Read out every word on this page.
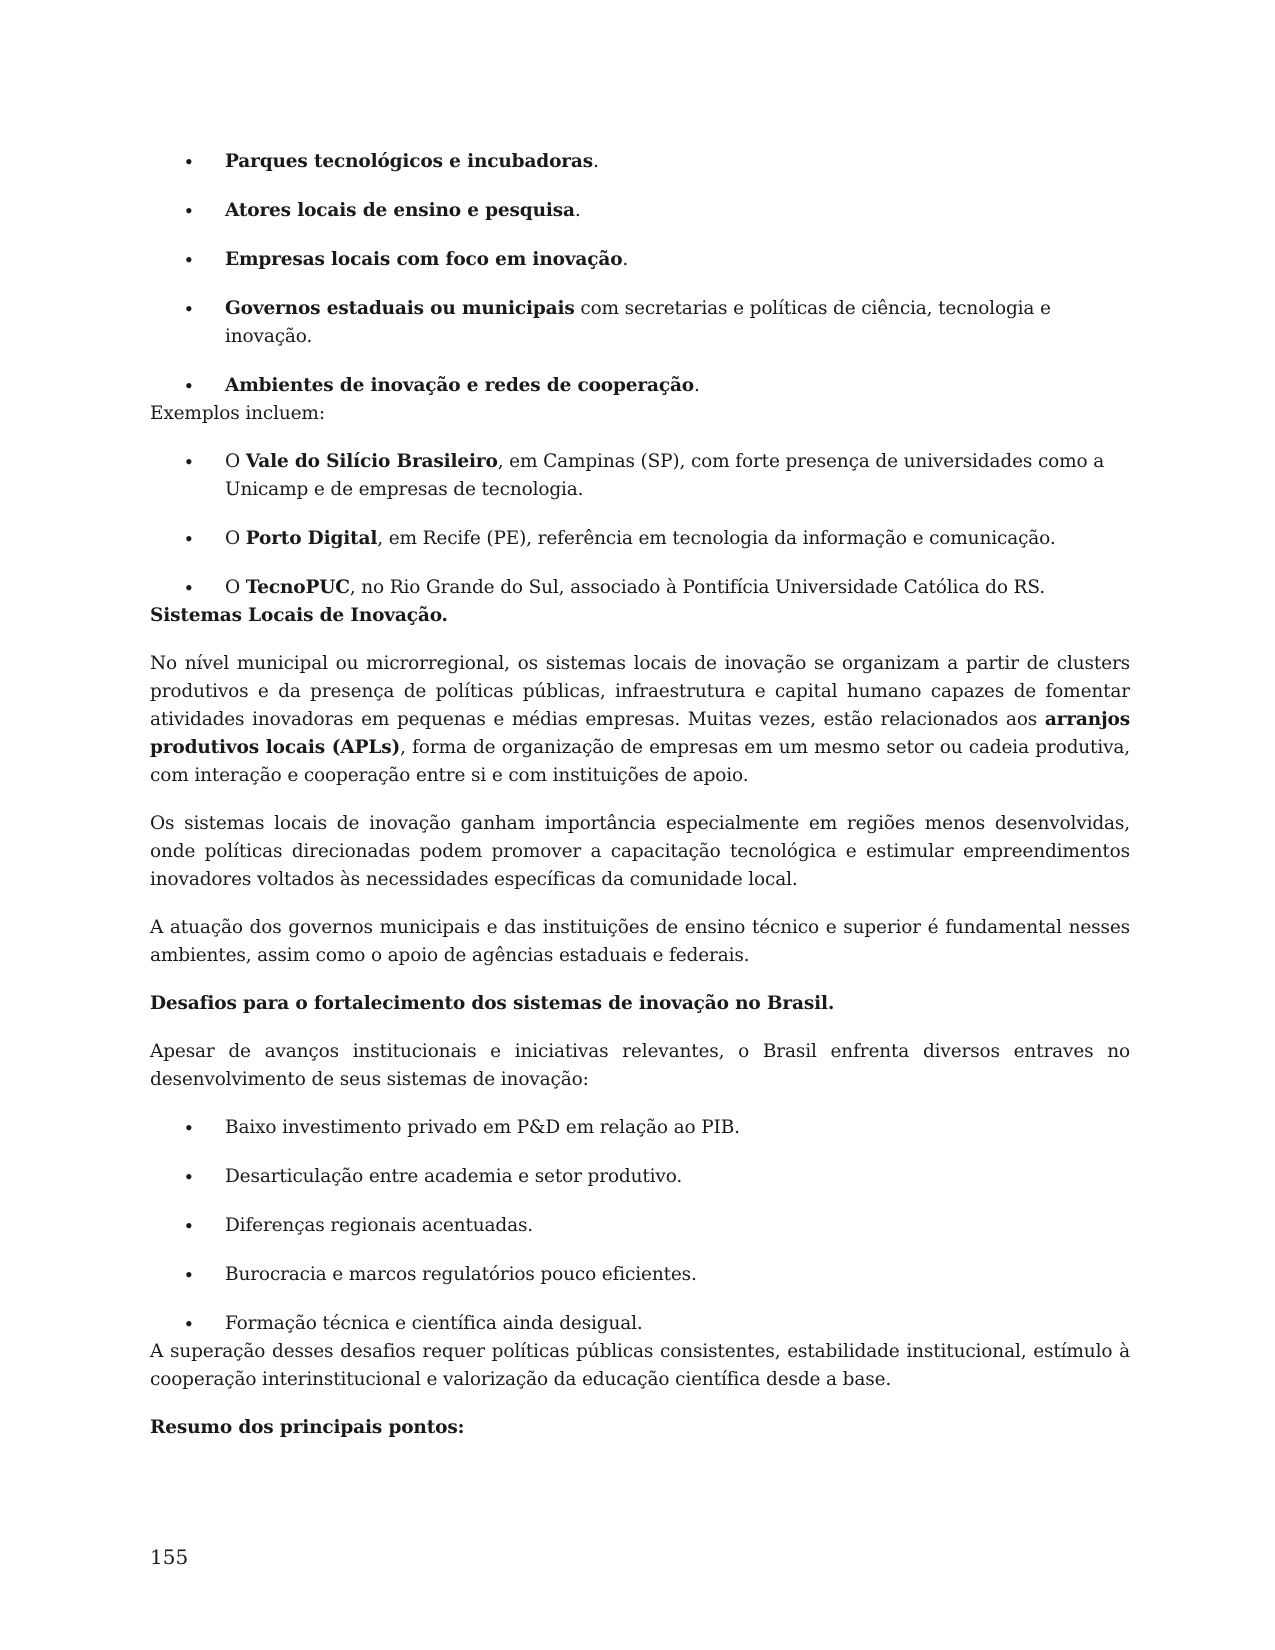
• Parques tecnológicos e incubadoras.
• Atores locais de ensino e pesquisa.
• Empresas locais com foco em inovação.
• Governos estaduais ou municipais com secretarias e políticas de ciência, tecnologia e inovação.
• Ambientes de inovação e redes de cooperação.

Exemplos incluem:

• O Vale do Silício Brasileiro, em Campinas (SP), com forte presença de universidades como a Unicamp e de empresas de tecnologia.
• O Porto Digital, em Recife (PE), referência em tecnologia da informação e comunicação.
• O TecnoPUC, no Rio Grande do Sul, associado à Pontifícia Universidade Católica do RS.

Sistemas Locais de Inovação.

No nível municipal ou microrregional, os sistemas locais de inovação se organizam a partir de clusters produtivos e da presença de políticas públicas, infraestrutura e capital humano capazes de fomentar atividades inovadoras em pequenas e médias empresas. Muitas vezes, estão relacionados aos arranjos produtivos locais (APLs), forma de organização de empresas em um mesmo setor ou cadeia produtiva, com interação e cooperação entre si e com instituições de apoio.

Os sistemas locais de inovação ganham importância especialmente em regiões menos desenvolvidas, onde políticas direcionadas podem promover a capacitação tecnológica e estimular empreendimentos inovadores voltados às necessidades específicas da comunidade local.

A atuação dos governos municipais e das instituições de ensino técnico e superior é fundamental nesses ambientes, assim como o apoio de agências estaduais e federais.

Desafios para o fortalecimento dos sistemas de inovação no Brasil.

Apesar de avanços institucionais e iniciativas relevantes, o Brasil enfrenta diversos entraves no desenvolvimento de seus sistemas de inovação:

• Baixo investimento privado em P&D em relação ao PIB.
• Desarticulação entre academia e setor produtivo.
• Diferenças regionais acentuadas.
• Burocracia e marcos regulatórios pouco eficientes.
• Formação técnica e científica ainda desigual.

A superação desses desafios requer políticas públicas consistentes, estabilidade institucional, estímulo à cooperação interinstitucional e valorização da educação científica desde a base.

Resumo dos principais pontos:

155
